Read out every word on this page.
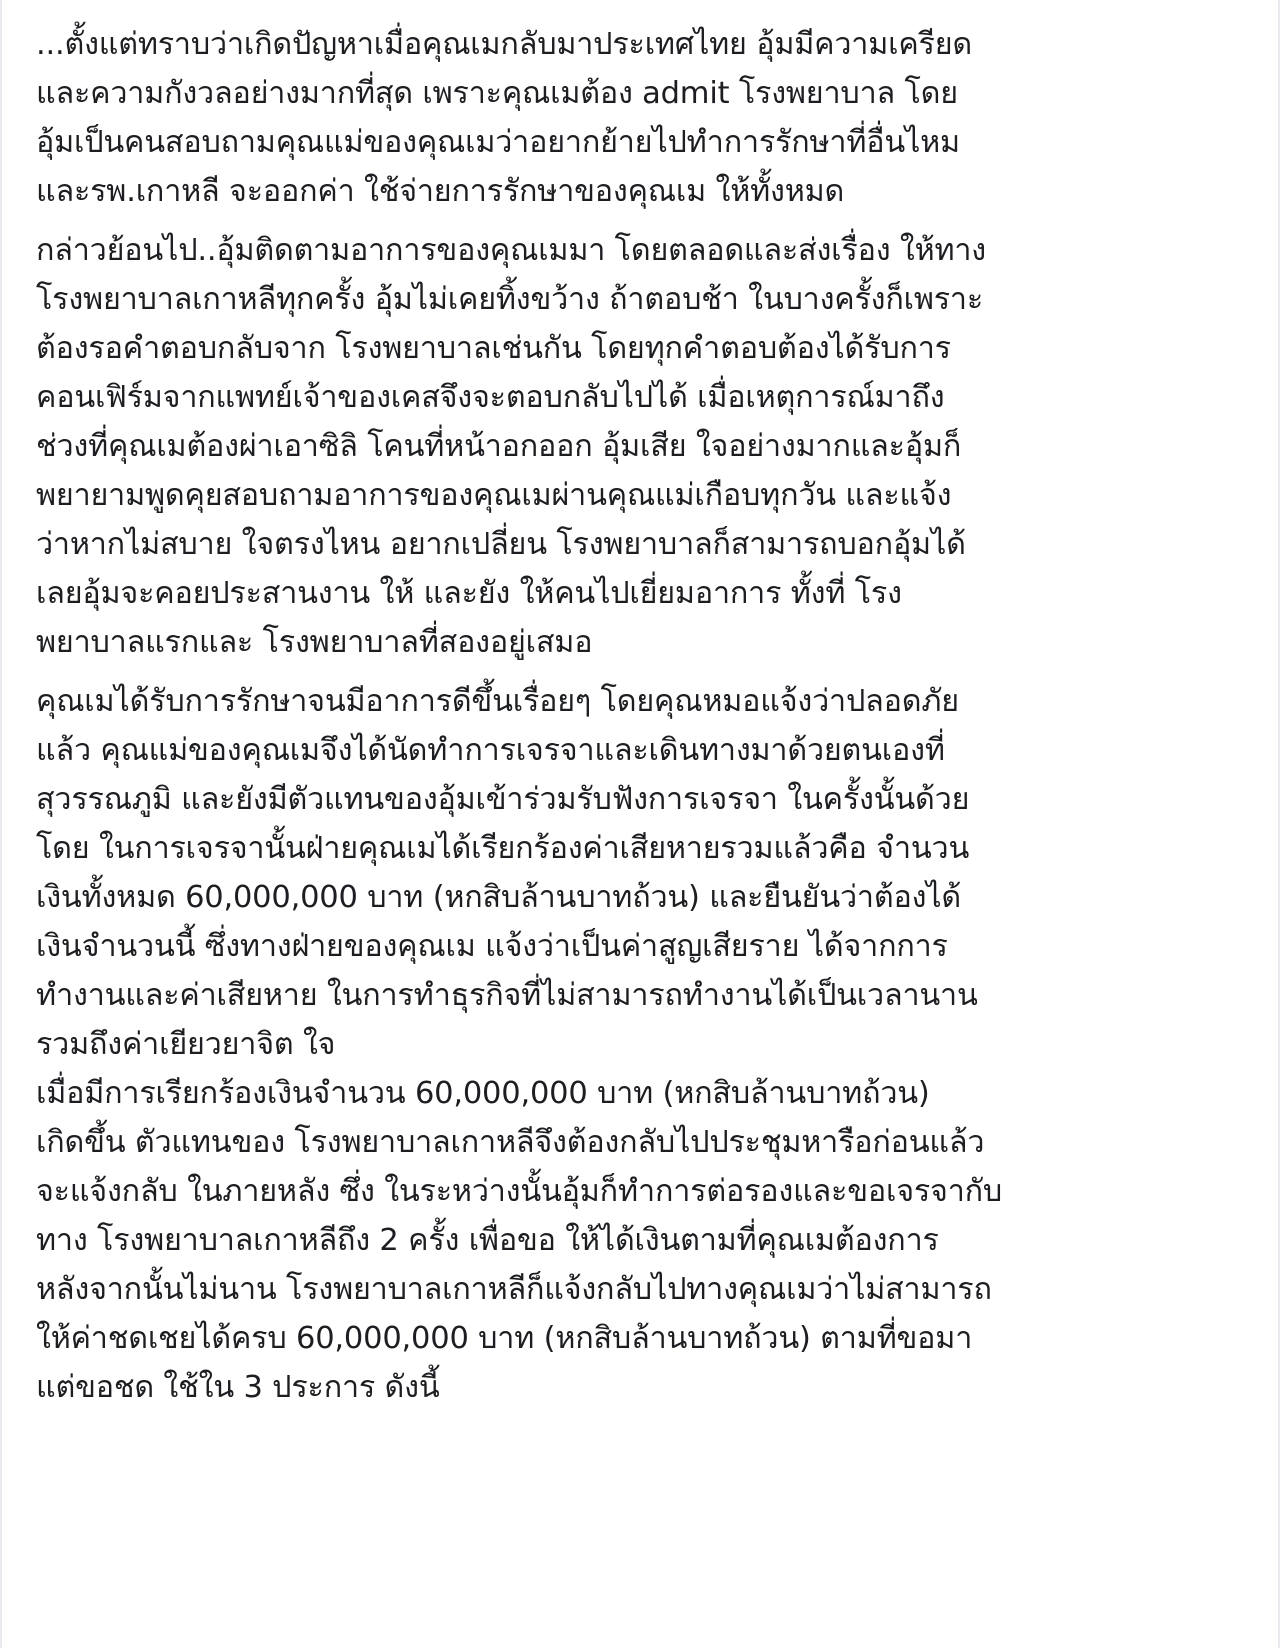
...ตั้งแต่ทราบว่าเกิดปัญหาเมื่อคุณเมกลับมาประเทศไทย อุ้มมีความเครียด
และความกังวลอย่างมากที่สุด เพราะคุณเมต้อง admit โรงพยาบาล โดย
อุ้มเป็นคนสอบถามคุณแม่ของคุณเมว่าอยากย้ายไปทำการรักษาที่อื่นไหม
และรพ.เกาหลี จะออกค่า ใช้จ่ายการรักษาของคุณเม ให้ทั้งหมด
กล่าวย้อนไป..อุ้มติดตามอาการของคุณเมมา โดยตลอดและส่งเรื่อง ให้ทาง
โรงพยาบาลเกาหลีทุกครั้ง อุ้มไม่เคยทิ้งขว้าง ถ้าตอบช้า ในบางครั้งก็เพราะ
ต้องรอคำตอบกลับจาก โรงพยาบาลเช่นกัน โดยทุกคำตอบต้องได้รับการ
คอนเฟิร์มจากแพทย์เจ้าของเคสจึงจะตอบกลับไปได้ เมื่อเหตุการณ์มาถึง
ช่วงที่คุณเมต้องผ่าเอาซิลิ โคนที่หน้าอกออก อุ้มเสีย ใจอย่างมากและอุ้มก็
พยายามพูดคุยสอบถามอาการของคุณเมผ่านคุณแม่เกือบทุกวัน และแจ้ง
ว่าหากไม่สบาย ใจตรงไหน อยากเปลี่ยน โรงพยาบาลก็สามารถบอกอุ้มได้
เลยอุ้มจะคอยประสานงาน ให้ และยัง ให้คนไปเยี่ยมอาการ ทั้งที่ โรง
พยาบาลแรกและ โรงพยาบาลที่สองอยู่เสมอ
คุณเมได้รับการรักษาจนมีอาการดีขึ้นเรื่อยๆ โดยคุณหมอแจ้งว่าปลอดภัย
แล้ว คุณแม่ของคุณเมจึงได้นัดทำการเจรจาและเดินทางมาด้วยตนเองที่
สุวรรณภูมิ และยังมีตัวแทนของอุ้มเข้าร่วมรับฟังการเจรจา ในครั้งนั้นด้วย
โดย ในการเจรจานั้นฝ่ายคุณเมได้เรียกร้องค่าเสียหายรวมแล้วคือ จำนวน
เงินทั้งหมด 60,000,000 บาท (หกสิบล้านบาทถ้วน) และยืนยันว่าต้องได้
เงินจำนวนนี้ ซึ่งทางฝ่ายของคุณเม แจ้งว่าเป็นค่าสูญเสียราย ได้จากการ
ทำงานและค่าเสียหาย ในการทำธุรกิจที่ไม่สามารถทำงานได้เป็นเวลานาน
รวมถึงค่าเยียวยาจิต ใจ
เมื่อมีการเรียกร้องเงินจำนวน 60,000,000 บาท (หกสิบล้านบาทถ้วน)
เกิดขึ้น ตัวแทนของ โรงพยาบาลเกาหลีจึงต้องกลับไปประชุมหารือก่อนแล้ว
จะแจ้งกลับ ในภายหลัง ซึ่ง ในระหว่างนั้นอุ้มก็ทำการต่อรองและขอเจรจากับ
ทาง โรงพยาบาลเกาหลีถึง 2 ครั้ง เพื่อขอ ให้ได้เงินตามที่คุณเมต้องการ
หลังจากนั้นไม่นาน โรงพยาบาลเกาหลีก็แจ้งกลับไปทางคุณเมว่าไม่สามารถ
ให้ค่าชดเชยได้ครบ 60,000,000 บาท (หกสิบล้านบาทถ้วน) ตามที่ขอมา
แต่ขอชด ใช้ใน 3 ประการ ดังนี้
